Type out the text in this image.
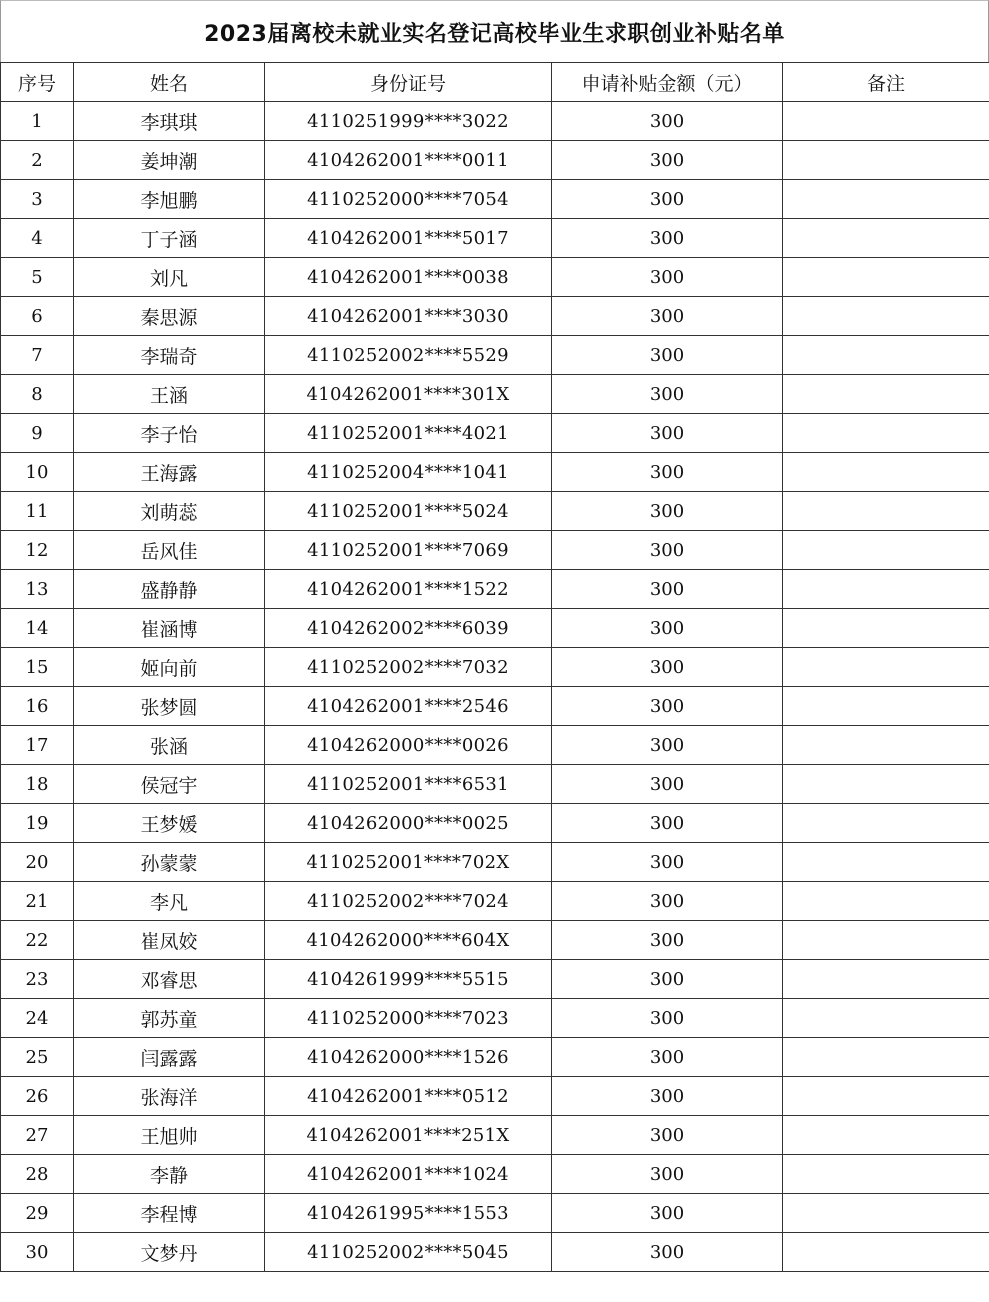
2023届离校未就业实名登记高校毕业生求职创业补贴名单
序号	姓名	身份证号	申请补贴金额（元）	备注
1	李琪琪	4110251999****3022	300	
2	姜坤潮	4104262001****0011	300	
3	李旭鹏	4110252000****7054	300	
4	丁子涵	4104262001****5017	300	
5	刘凡	4104262001****0038	300	
6	秦思源	4104262001****3030	300	
7	李瑞奇	4110252002****5529	300	
8	王涵	4104262001****301X	300	
9	李子怡	4110252001****4021	300	
10	王海露	4110252004****1041	300	
11	刘萌蕊	4110252001****5024	300	
12	岳风佳	4110252001****7069	300	
13	盛静静	4104262001****1522	300	
14	崔涵博	4104262002****6039	300	
15	姬向前	4110252002****7032	300	
16	张梦圆	4104262001****2546	300	
17	张涵	4104262000****0026	300	
18	侯冠宇	4110252001****6531	300	
19	王梦媛	4104262000****0025	300	
20	孙蒙蒙	4110252001****702X	300	
21	李凡	4110252002****7024	300	
22	崔凤姣	4104262000****604X	300	
23	邓睿思	4104261999****5515	300	
24	郭苏童	4110252000****7023	300	
25	闫露露	4104262000****1526	300	
26	张海洋	4104262001****0512	300	
27	王旭帅	4104262001****251X	300	
28	李静	4104262001****1024	300	
29	李程博	4104261995****1553	300	
30	文梦丹	4110252002****5045	300	
